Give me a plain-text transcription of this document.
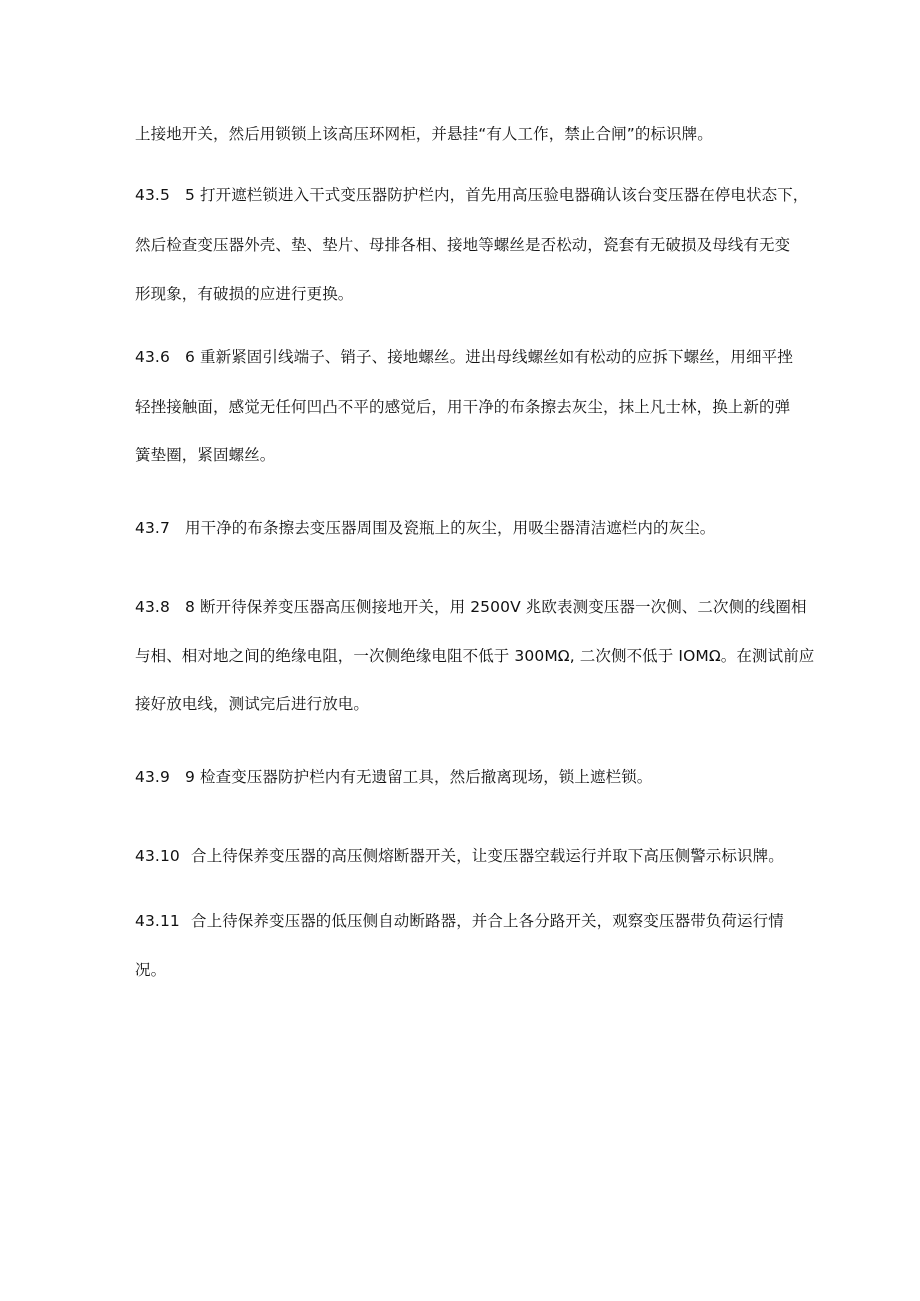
上接地开关，然后用锁锁上该高压环网柜，并悬挂“有人工作，禁止合闸”的标识牌。
43.5 5 打开遮栏锁进入干式变压器防护栏内，首先用高压验电器确认该台变压器在停电状态下，
然后检查变压器外壳、垫、垫片、母排各相、接地等螺丝是否松动，瓷套有无破损及母线有无变
形现象，有破损的应进行更换。
43.6 6 重新紧固引线端子、销子、接地螺丝。进出母线螺丝如有松动的应拆下螺丝，用细平挫
轻挫接触面，感觉无任何凹凸不平的感觉后，用干净的布条擦去灰尘，抹上凡士林，换上新的弹
簧垫圈，紧固螺丝。
43.7 用干净的布条擦去变压器周围及瓷瓶上的灰尘，用吸尘器清洁遮栏内的灰尘。
43.8 8 断开待保养变压器高压侧接地开关，用 2500V 兆欧表测变压器一次侧、二次侧的线圈相
与相、相对地之间的绝缘电阻，一次侧绝缘电阻不低于 300MΩ, 二次侧不低于 IOMΩ。在测试前应
接好放电线，测试完后进行放电。
43.9 9 检查变压器防护栏内有无遗留工具，然后撤离现场，锁上遮栏锁。
43.10 合上待保养变压器的高压侧熔断器开关，让变压器空载运行并取下高压侧警示标识牌。
43.11 合上待保养变压器的低压侧自动断路器，并合上各分路开关，观察变压器带负荷运行情
况。
